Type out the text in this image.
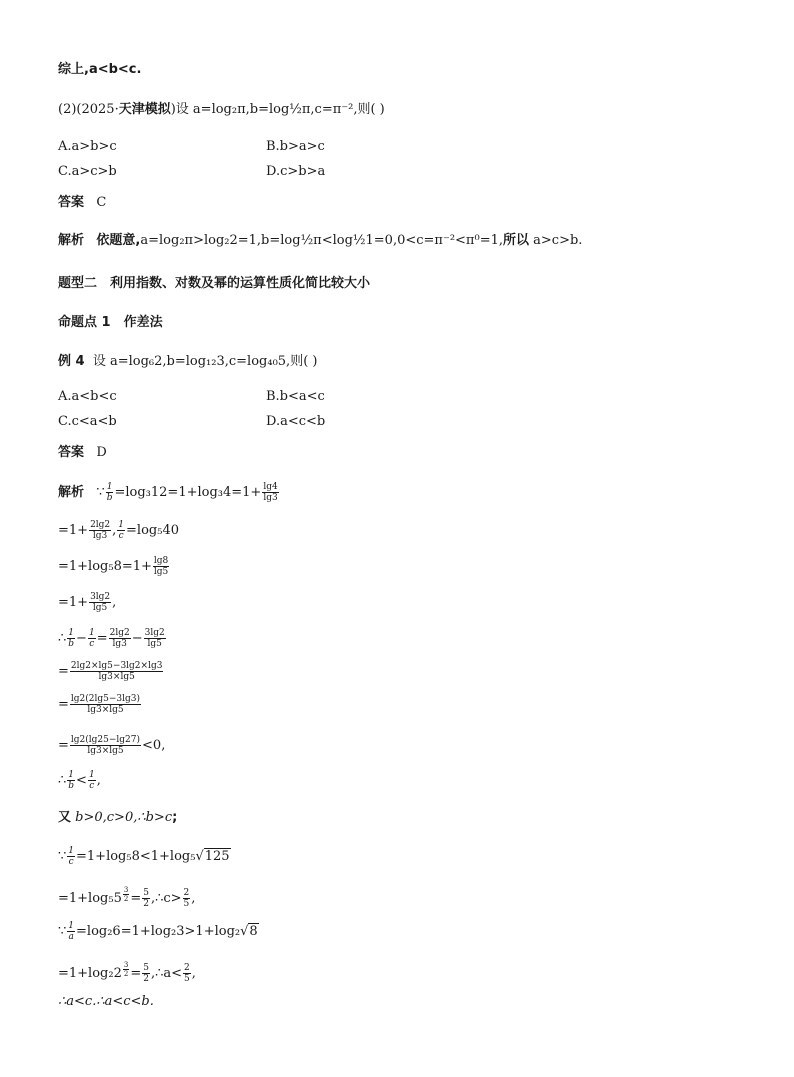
综上,a<b<c.
(2)(2025·天津模拟)设 a=log₂π,b=log½π,c=π⁻²,则( )
A.a>b>c	B.b>a>c
C.a>c>b	D.c>b>a
答案 C
解析 依题意,a=log₂π>log₂2=1,b=log½π<log½1=0,0<c=π⁻²<π⁰=1,所以 a>c>b.
题型二　利用指数、对数及幂的运算性质化简比较大小
命题点 1　作差法
例 4 设 a=log₆2,b=log₁₂3,c=log₄₀5,则( )
A.a<b<c	B.b<a<c
C.c<a<b	D.a<c<b
答案 D
解析 ∵ $\frac{1}{b} =\log_312=1+\log_34=1+ \frac{\lg 4}{\lg 3}$
$=1+ \frac{2\lg 2}{\lg 3}$ , $\frac{1}{c} =\log_540$
$=1+\log_58=1+ \frac{\lg 8}{\lg 5}$
$=1+ \frac{3\lg 2}{\lg 5}$ ,
∴ $\frac{1}{b} - \frac{1}{c} = \frac{2\lg 2}{\lg 3} - \frac{3\lg 2}{\lg 5}$
= $\frac{2\lg 2\times\lg 5-3\lg 2\times\lg 3}{\lg 3\times\lg 5}$
= $\frac{\lg 2(2\lg 5-3\lg 3)}{\lg 3\times\lg 5}$
= $\frac{\lg 2(\lg 25-\lg 27)}{\lg 3\times\lg 5} <0$,
∴ $\frac{1}{b} < \frac{1}{c}$ ,
又 b>0,c>0,∴b>c;
∵ $\frac{1}{c} =1+\log_58<1+\log_5√125$
=1+log₅5 $^{\frac{3}{2}} = \frac{5}{2}$ ,∴c> $\frac{2}{5}$ ,
∵ $\frac{1}{a} =\log_26=1+\log_23>1+\log_2√8$
=1+log₂2 $^{\frac{3}{2}} = \frac{5}{2}$ ,∴a< $\frac{2}{5}$ ,
∴a<c.∴a<c<b.
